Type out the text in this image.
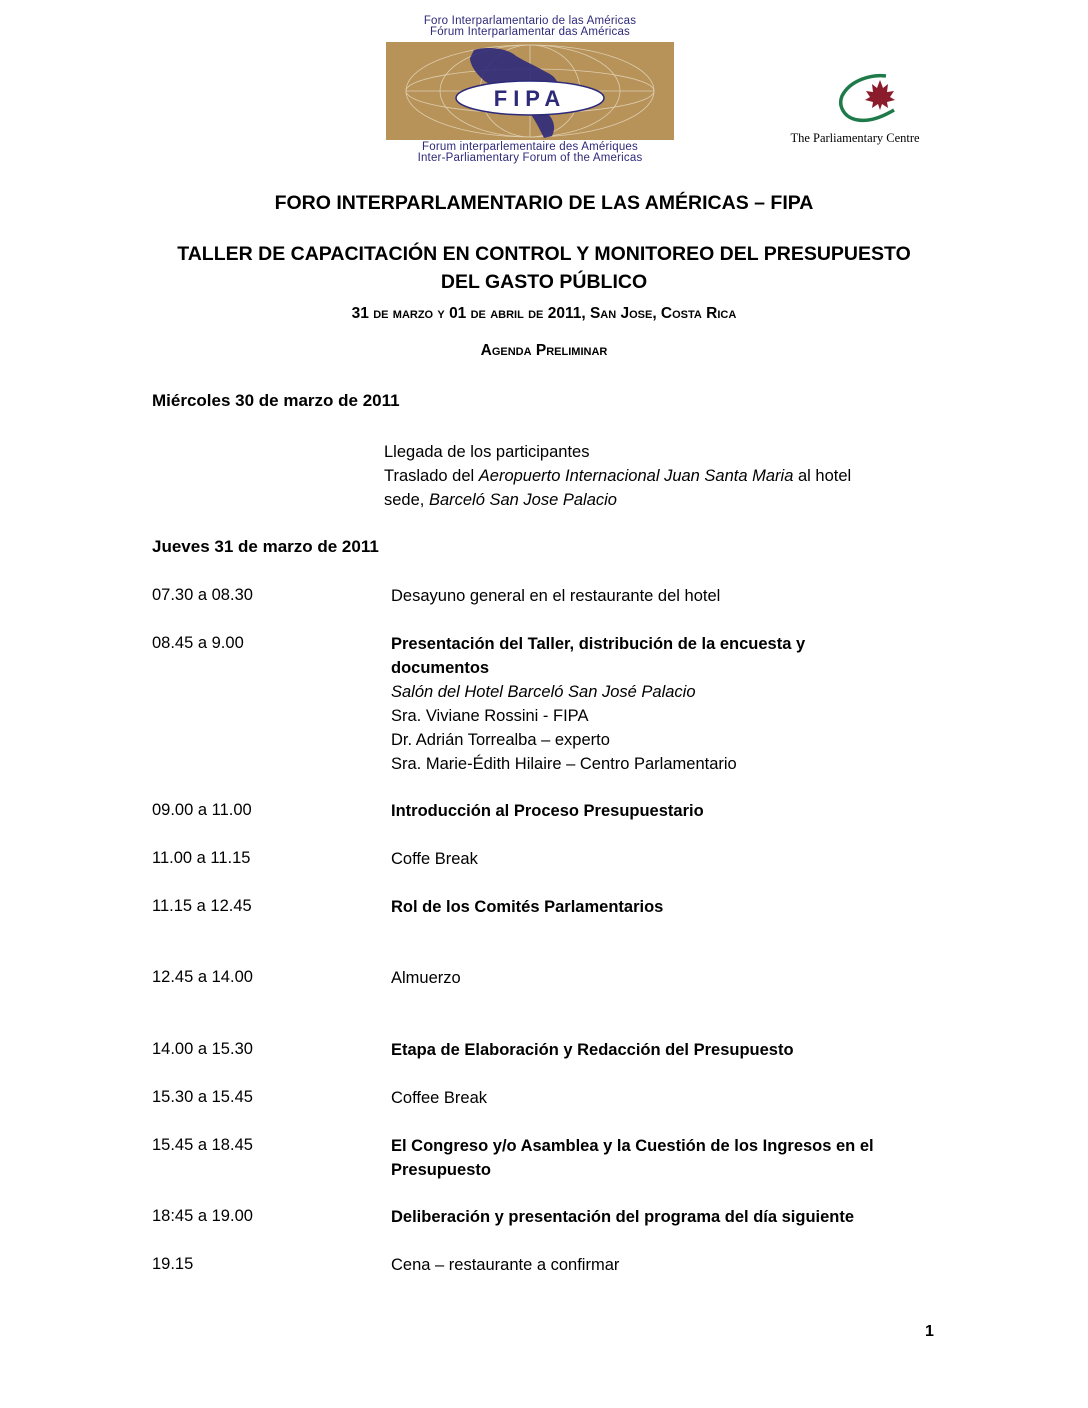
Foro Interparlamentario de las Américas
Fórum Interparlamentar das Américas
FIPA
Forum interparlementaire des Amériques
Inter-Parliamentary Forum of the Americas
The Parliamentary Centre
FORO INTERPARLAMENTARIO DE LAS AMÉRICAS – FIPA
TALLER DE CAPACITACIÓN EN CONTROL Y MONITOREO DEL PRESUPUESTO
DEL GASTO PÚBLICO
31 de marzo y 01 de abril de 2011, San Jose, Costa Rica
Agenda Preliminar
Miércoles 30 de marzo de 2011
Llegada de los participantes
Traslado del Aeropuerto Internacional Juan Santa Maria al hotel
sede, Barceló San Jose Palacio
Jueves 31 de marzo de 2011
07.30 a 08.30	Desayuno general en el restaurante del hotel
08.45 a 9.00	Presentación del Taller, distribución de la encuesta y documentos
Salón del Hotel Barceló San José Palacio
Sra. Viviane Rossini - FIPA
Dr. Adrián Torrealba – experto
Sra. Marie-Édith Hilaire – Centro Parlamentario
09.00 a 11.00	Introducción al Proceso Presupuestario
11.00 a 11.15	Coffe Break
11.15 a 12.45	Rol de los Comités Parlamentarios
12.45 a 14.00	Almuerzo
14.00 a 15.30	Etapa de Elaboración y Redacción del Presupuesto
15.30 a 15.45	Coffee Break
15.45 a 18.45	El Congreso y/o Asamblea y la Cuestión de los Ingresos en el Presupuesto
18:45 a 19.00	Deliberación y presentación del programa del día siguiente
19.15	Cena – restaurante a confirmar
1
